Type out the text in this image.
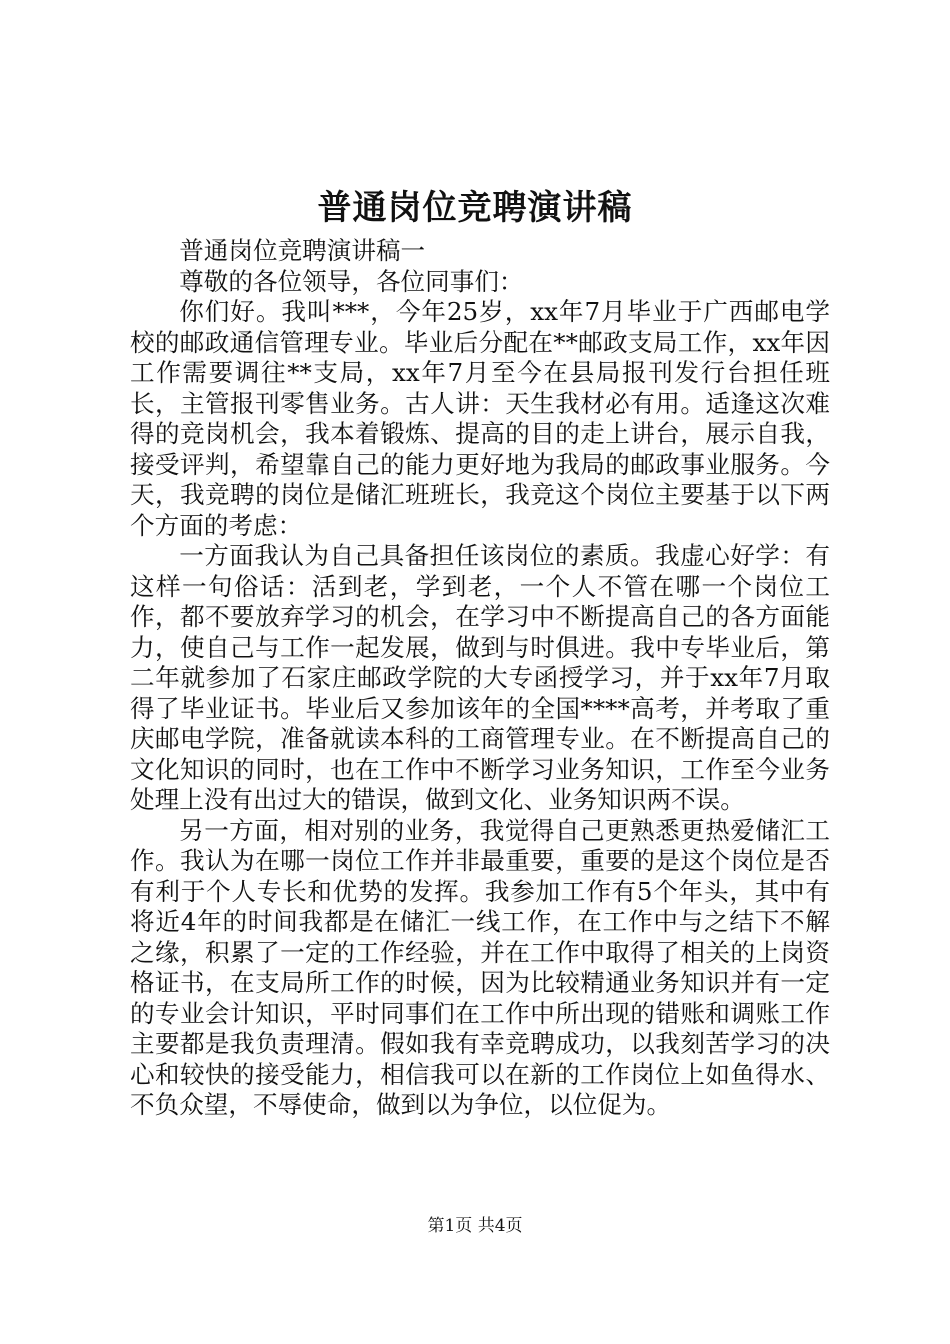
普通岗位竞聘演讲稿

普通岗位竞聘演讲稿一

尊敬的各位领导，各位同事们：

你们好。我叫***，今年25岁，xx年7月毕业于广西邮电学校的邮政通信管理专业。毕业后分配在**邮政支局工作，xx年因工作需要调往**支局，xx年7月至今在县局报刊发行台担任班长，主管报刊零售业务。古人讲：天生我材必有用。适逢这次难得的竞岗机会，我本着锻炼、提高的目的走上讲台，展示自我，接受评判，希望靠自己的能力更好地为我局的邮政事业服务。今天，我竞聘的岗位是储汇班班长，我竞这个岗位主要基于以下两个方面的考虑：

一方面我认为自己具备担任该岗位的素质。我虚心好学：有这样一句俗话：活到老，学到老，一个人不管在哪一个岗位工作，都不要放弃学习的机会，在学习中不断提高自己的各方面能力，使自己与工作一起发展，做到与时俱进。我中专毕业后，第二年就参加了石家庄邮政学院的大专函授学习，并于xx年7月取得了毕业证书。毕业后又参加该年的全国****高考，并考取了重庆邮电学院，准备就读本科的工商管理专业。在不断提高自己的文化知识的同时，也在工作中不断学习业务知识，工作至今业务处理上没有出过大的错误，做到文化、业务知识两不误。

另一方面，相对别的业务，我觉得自己更熟悉更热爱储汇工作。我认为在哪一岗位工作并非最重要，重要的是这个岗位是否有利于个人专长和优势的发挥。我参加工作有5个年头，其中有将近4年的时间我都是在储汇一线工作，在工作中与之结下不解之缘，积累了一定的工作经验，并在工作中取得了相关的上岗资格证书，在支局所工作的时候，因为比较精通业务知识并有一定的专业会计知识，平时同事们在工作中所出现的错账和调账工作主要都是我负责理清。假如我有幸竞聘成功，以我刻苦学习的决心和较快的接受能力，相信我可以在新的工作岗位上如鱼得水、不负众望，不辱使命，做到以为争位，以位促为。

第1页 共4页
